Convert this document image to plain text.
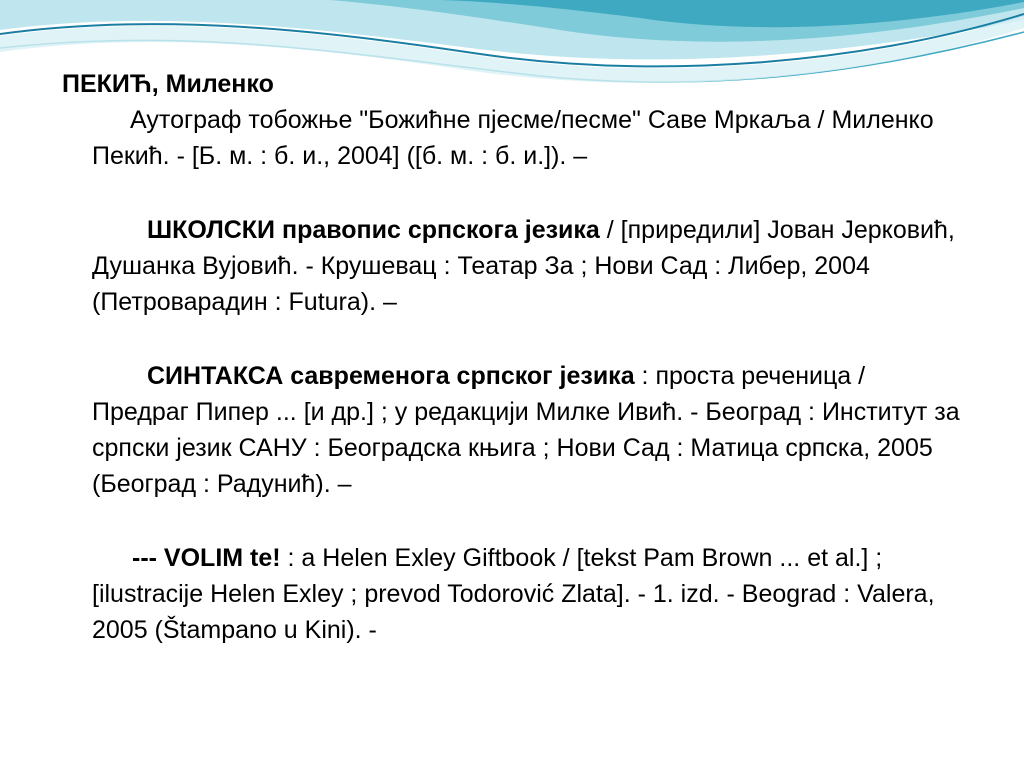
ПЕКИЋ, Миленко

Аутограф тобожње "Божићне пјесме/песме" Саве Мркаља / Миленко Пекић. - [Б. м. : б. и., 2004] ([б. м. : б. и.]). –

ШКОЛСКИ правопис српскога језика / [приредили] Јован Јерковић, Душанка Вујовић. - Крушевац : Театар За ; Нови Сад : Либер, 2004 (Петроварадин : Futura). –

СИНТАКСА савременога српског језика : проста реченица / Предраг Пипер ... [и др.] ; у редакцији Милке Ивић. - Београд : Институт за српски језик САНУ : Београдска књига ; Нови Сад : Матица српска, 2005 (Београд : Радунић). –

--- VOLIM te! : a Helen Exley Giftbook / [tekst Pam Brown ... et al.] ; [ilustracije Helen Exley ; prevod Todorović Zlata]. - 1. izd. - Beograd : Valera, 2005 (Štampano u Kini). -
